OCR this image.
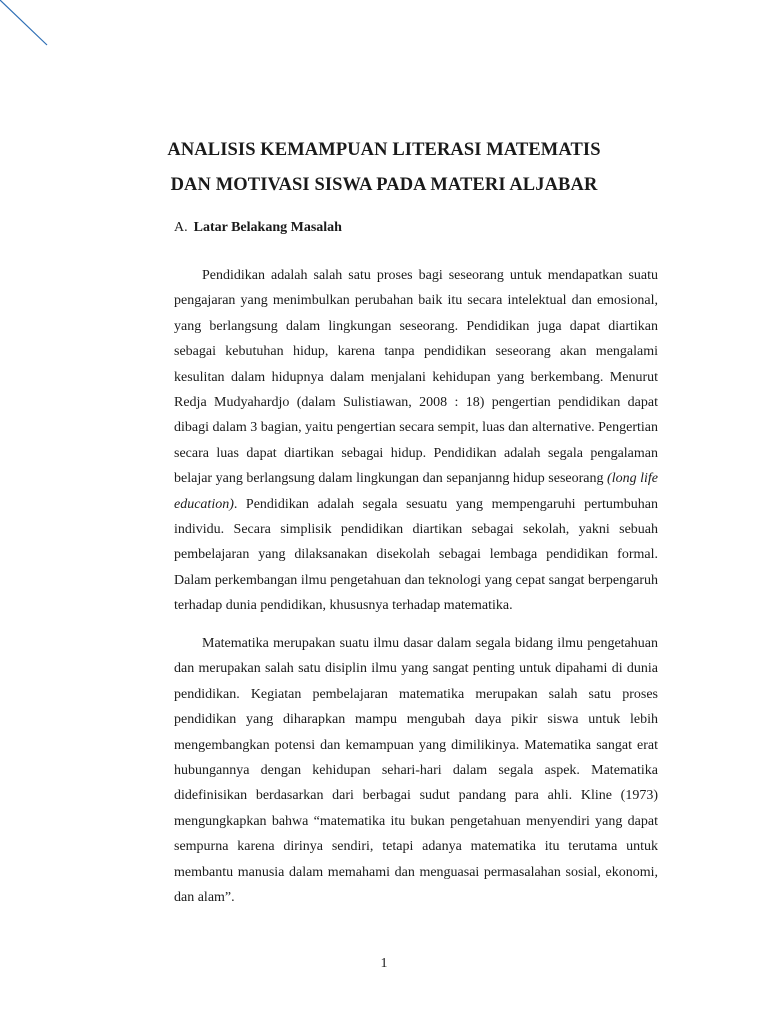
ANALISIS KEMAMPUAN LITERASI MATEMATIS
DAN MOTIVASI SISWA PADA MATERI ALJABAR
A. Latar Belakang Masalah

Pendidikan adalah salah satu proses bagi seseorang untuk mendapatkan suatu pengajaran yang menimbulkan perubahan baik itu secara intelektual dan emosional, yang berlangsung dalam lingkungan seseorang. Pendidikan juga dapat diartikan sebagai kebutuhan hidup, karena tanpa pendidikan seseorang akan mengalami kesulitan dalam hidupnya dalam menjalani kehidupan yang berkembang. Menurut Redja Mudyahardjo (dalam Sulistiawan, 2008 : 18) pengertian pendidikan dapat dibagi dalam 3 bagian, yaitu pengertian secara sempit, luas dan alternative. Pengertian secara luas dapat diartikan sebagai hidup. Pendidikan adalah segala pengalaman belajar yang berlangsung dalam lingkungan dan sepanjanng hidup seseorang (long life education). Pendidikan adalah segala sesuatu yang mempengaruhi pertumbuhan individu. Secara simplisik pendidikan diartikan sebagai sekolah, yakni sebuah pembelajaran yang dilaksanakan disekolah sebagai lembaga pendidikan formal. Dalam perkembangan ilmu pengetahuan dan teknologi yang cepat sangat berpengaruh terhadap dunia pendidikan, khususnya terhadap matematika.

Matematika merupakan suatu ilmu dasar dalam segala bidang ilmu pengetahuan dan merupakan salah satu disiplin ilmu yang sangat penting untuk dipahami di dunia pendidikan. Kegiatan pembelajaran matematika merupakan salah satu proses pendidikan yang diharapkan mampu mengubah daya pikir siswa untuk lebih mengembangkan potensi dan kemampuan yang dimilikinya. Matematika sangat erat hubungannya dengan kehidupan sehari-hari dalam segala aspek. Matematika didefinisikan berdasarkan dari berbagai sudut pandang para ahli. Kline (1973) mengungkapkan bahwa “matematika itu bukan pengetahuan menyendiri yang dapat sempurna karena dirinya sendiri, tetapi adanya matematika itu terutama untuk membantu manusia dalam memahami dan menguasai permasalahan sosial, ekonomi, dan alam”.

1
